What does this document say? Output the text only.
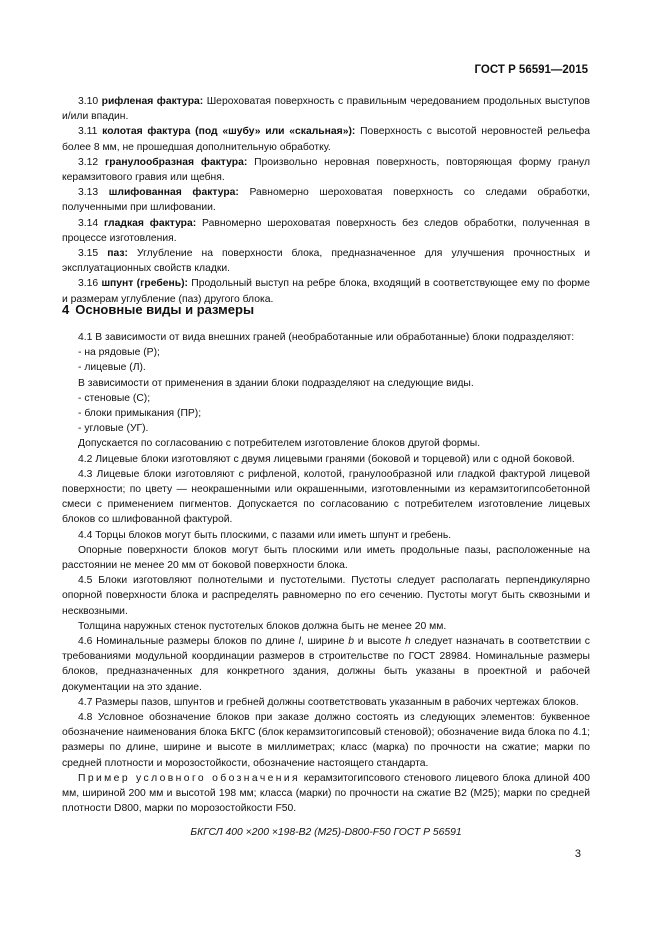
ГОСТ Р 56591—2015

3.10 рифленая фактура: Шероховатая поверхность с правильным чередованием продольных выступов и/или впадин.

3.11 колотая фактура (под «шубу» или «скальная»): Поверхность с высотой неровностей рельефа более 8 мм, не прошедшая дополнительную обработку.

3.12 гранулообразная фактура: Произвольно неровная поверхность, повторяющая форму гранул керамзитового гравия или щебня.

3.13 шлифованная фактура: Равномерно шероховатая поверхность со следами обработки, полученными при шлифовании.

3.14 гладкая фактура: Равномерно шероховатая поверхность без следов обработки, полученная в процессе изготовления.

3.15 паз: Углубление на поверхности блока, предназначенное для улучшения прочностных и эксплуатационных свойств кладки.

3.16 шпунт (гребень): Продольный выступ на ребре блока, входящий в соответствующее ему по форме и размерам углубление (паз) другого блока.

4 Основные виды и размеры

4.1 В зависимости от вида внешних граней (необработанные или обработанные) блоки подразделяют:

- на рядовые (Р);

- лицевые (Л).

В зависимости от применения в здании блоки подразделяют на следующие виды.

- стеновые (С);

- блоки примыкания (ПР);

- угловые (УГ).

Допускается по согласованию с потребителем изготовление блоков другой формы.

4.2 Лицевые блоки изготовляют с двумя лицевыми гранями (боковой и торцевой) или с одной боковой.

4.3 Лицевые блоки изготовляют с рифленой, колотой, гранулообразной или гладкой фактурой лицевой поверхности; по цвету — неокрашенными или окрашенными, изготовленными из керамзитогипсобетонной смеси с применением пигментов. Допускается по согласованию с потребителем изготовление лицевых блоков со шлифованной фактурой.

4.4 Торцы блоков могут быть плоскими, с пазами или иметь шпунт и гребень.

Опорные поверхности блоков могут быть плоскими или иметь продольные пазы, расположенные на расстоянии не менее 20 мм от боковой поверхности блока.

4.5 Блоки изготовляют полнотелыми и пустотелыми. Пустоты следует располагать перпендикулярно опорной поверхности блока и распределять равномерно по его сечению. Пустоты могут быть сквозными и несквозными.

Толщина наружных стенок пустотелых блоков должна быть не менее 20 мм.

4.6 Номинальные размеры блоков по длине l, ширине b и высоте h следует назначать в соответствии с требованиями модульной координации размеров в строительстве по ГОСТ 28984. Номинальные размеры блоков, предназначенных для конкретного здания, должны быть указаны в проектной и рабочей документации на это здание.

4.7 Размеры пазов, шпунтов и гребней должны соответствовать указанным в рабочих чертежах блоков.

4.8 Условное обозначение блоков при заказе должно состоять из следующих элементов: буквенное обозначение наименования блока БКГС (блок керамзитогипсовый стеновой); обозначение вида блока по 4.1; размеры по длине, ширине и высоте в миллиметрах; класс (марка) по прочности на сжатие; марки по средней плотности и морозостойкости, обозначение настоящего стандарта.

Пример условного обозначения керамзитогипсового стенового лицевого блока длиной 400 мм, шириной 200 мм и высотой 198 мм; класса (марки) по прочности на сжатие В2 (М25); марки по средней плотности D800, марки по морозостойкости F50.

БКГСЛ 400 ×200 ×198-В2 (М25)-D800-F50 ГОСТ Р 56591

3
